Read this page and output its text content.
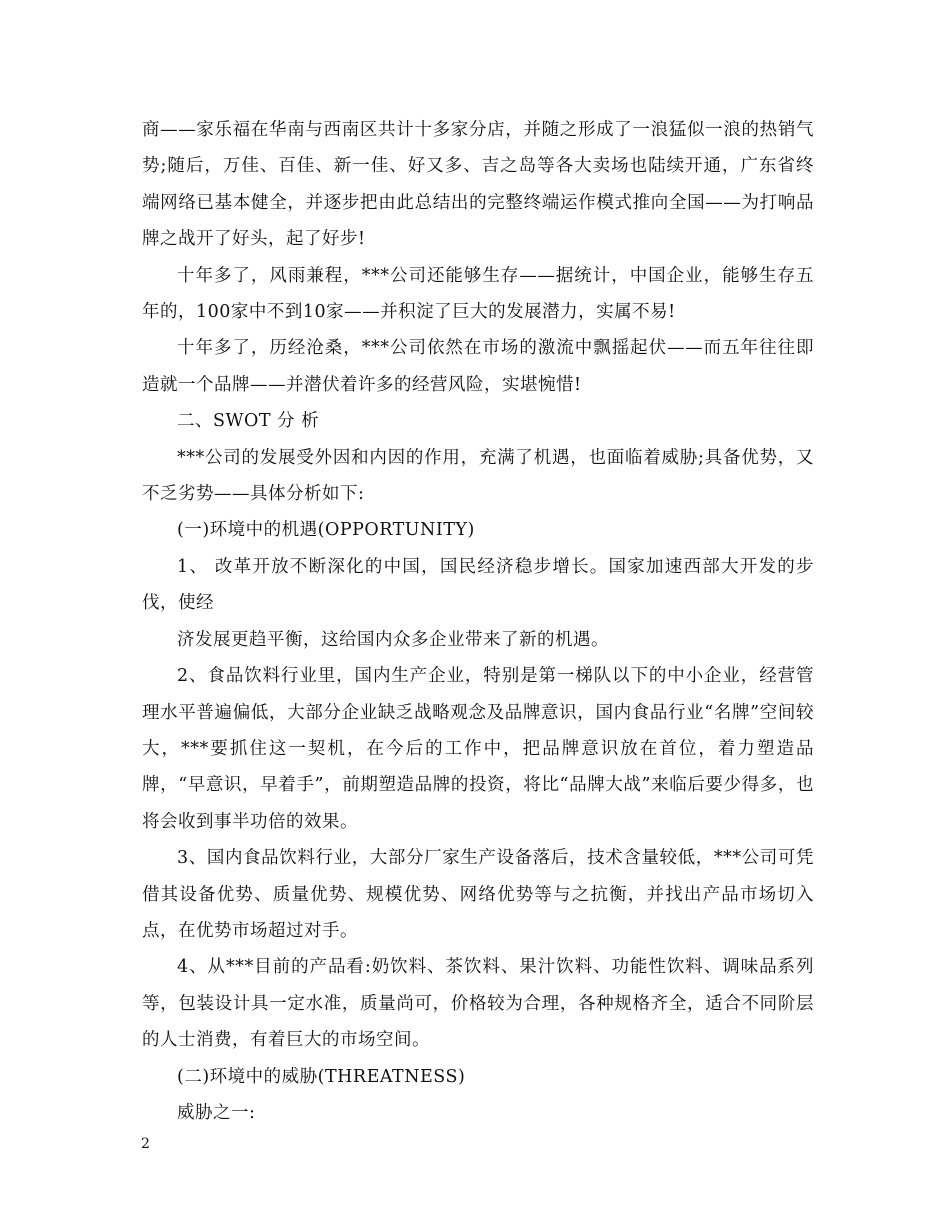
商——家乐福在华南与西南区共计十多家分店，并随之形成了一浪猛似一浪的热销气势;随后，万佳、百佳、新一佳、好又多、吉之岛等各大卖场也陆续开通，广东省终端网络已基本健全，并逐步把由此总结出的完整终端运作模式推向全国——为打响品牌之战开了好头，起了好步!

十年多了，风雨兼程，***公司还能够生存——据统计，中国企业，能够生存五年的，100家中不到10家——并积淀了巨大的发展潜力，实属不易!

十年多了，历经沧桑，***公司依然在市场的激流中飘摇起伏——而五年往往即造就一个品牌——并潜伏着许多的经营风险，实堪惋惜!

二、SWOT 分 析

***公司的发展受外因和内因的作用，充满了机遇，也面临着威胁;具备优势，又不乏劣势——具体分析如下:

(一)环境中的机遇(OPPORTUNITY)

1、 改革开放不断深化的中国，国民经济稳步增长。国家加速西部大开发的步伐，使经

济发展更趋平衡，这给国内众多企业带来了新的机遇。

2、食品饮料行业里，国内生产企业，特别是第一梯队以下的中小企业，经营管理水平普遍偏低，大部分企业缺乏战略观念及品牌意识，国内食品行业“名牌”空间较大，***要抓住这一契机，在今后的工作中，把品牌意识放在首位，着力塑造品牌，“早意识，早着手”，前期塑造品牌的投资，将比“品牌大战”来临后要少得多，也将会收到事半功倍的效果。

3、国内食品饮料行业，大部分厂家生产设备落后，技术含量较低，***公司可凭借其设备优势、质量优势、规模优势、网络优势等与之抗衡，并找出产品市场切入点，在优势市场超过对手。

4、从***目前的产品看:奶饮料、茶饮料、果汁饮料、功能性饮料、调味品系列等，包装设计具一定水准，质量尚可，价格较为合理，各种规格齐全，适合不同阶层的人士消费，有着巨大的市场空间。

(二)环境中的威胁(THREATNESS)

威胁之一:

2
